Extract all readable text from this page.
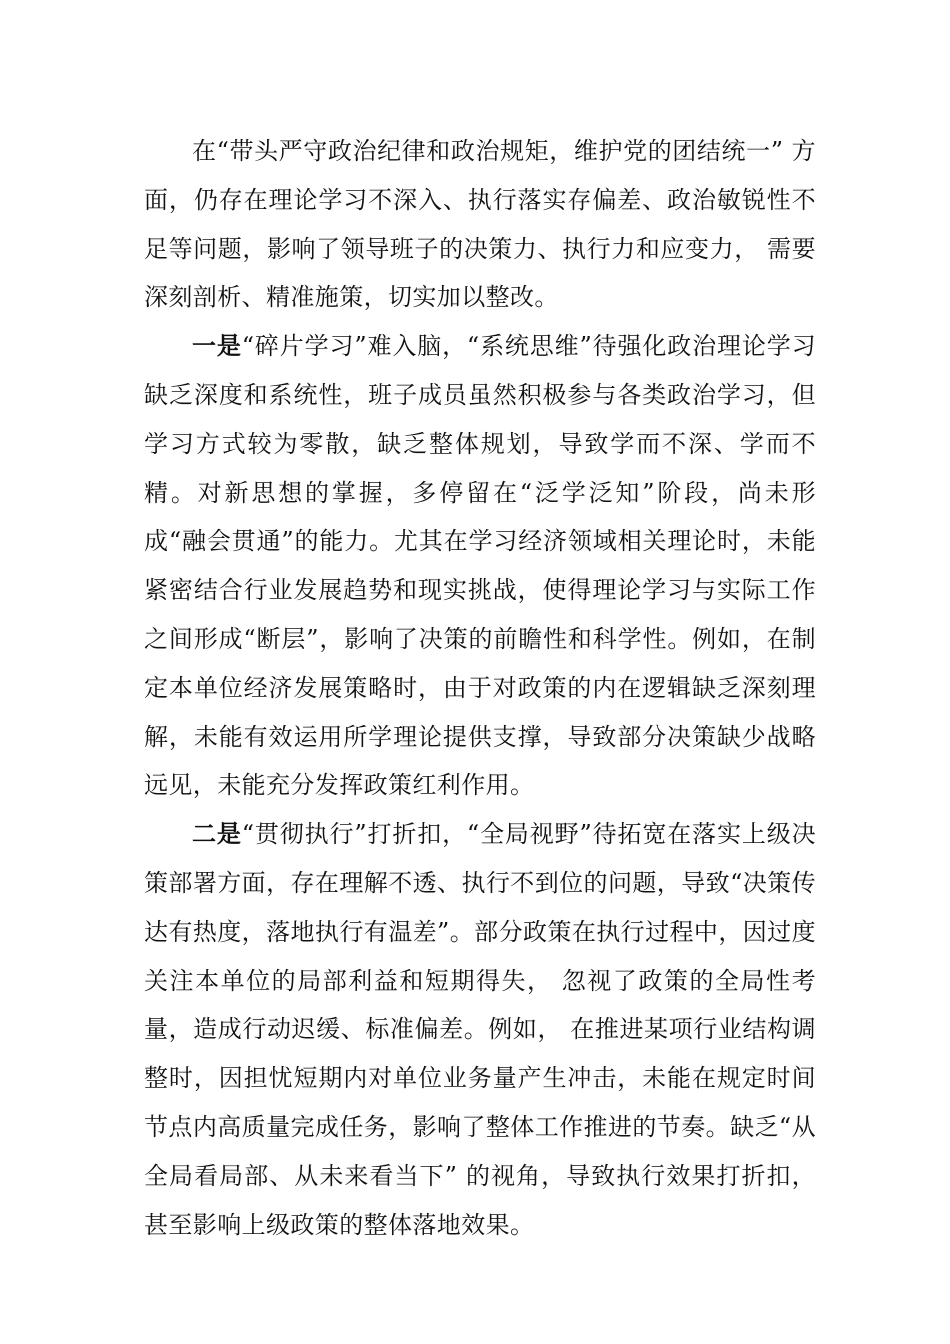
在“带头严守政治纪律和政治规矩，维护党的团结统一” 方面，仍存在理论学习不深入、执行落实存偏差、政治敏锐性不足等问题，影响了领导班子的决策力、执行力和应变力， 需要深刻剖析、精准施策，切实加以整改。

一是“碎片学习”难入脑，“系统思维”待强化政治理论学习缺乏深度和系统性，班子成员虽然积极参与各类政治学习，但学习方式较为零散，缺乏整体规划，导致学而不深、学而不精。对新思想的掌握，多停留在“泛学泛知”阶段，尚未形成“融会贯通”的能力。尤其在学习经济领域相关理论时，未能紧密结合行业发展趋势和现实挑战，使得理论学习与实际工作之间形成“断层”，影响了决策的前瞻性和科学性。例如，在制定本单位经济发展策略时，由于对政策的内在逻辑缺乏深刻理解，未能有效运用所学理论提供支撑，导致部分决策缺少战略远见，未能充分发挥政策红利作用。

二是“贯彻执行”打折扣，“全局视野”待拓宽在落实上级决策部署方面，存在理解不透、执行不到位的问题，导致“决策传达有热度，落地执行有温差”。部分政策在执行过程中，因过度关注本单位的局部利益和短期得失， 忽视了政策的全局性考量，造成行动迟缓、标准偏差。例如， 在推进某项行业结构调整时，因担忧短期内对单位业务量产生冲击，未能在规定时间节点内高质量完成任务，影响了整体工作推进的节奏。缺乏“从全局看局部、从未来看当下” 的视角，导致执行效果打折扣，甚至影响上级政策的整体落地效果。
